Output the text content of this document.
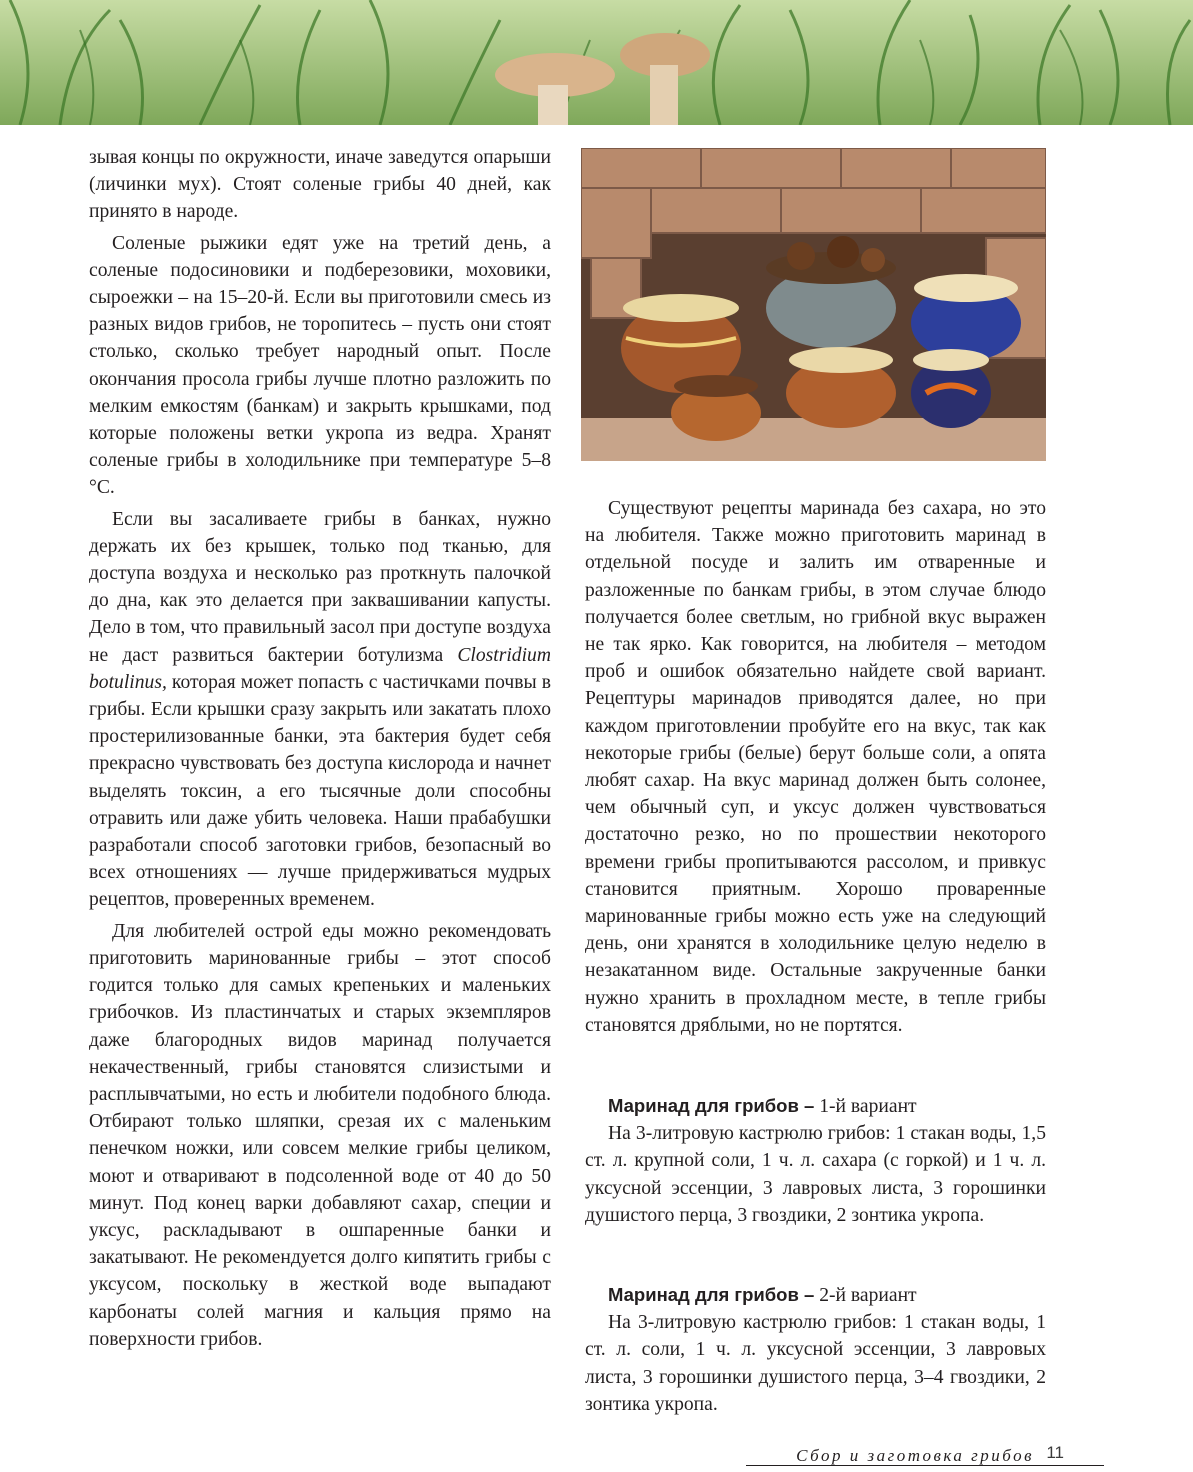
зывая концы по окружности, иначе заведутся опарыши (личинки мух). Стоят соленые грибы 40 дней, как принято в народе.

Соленые рыжики едят уже на третий день, а соленые подосиновики и подберезовики, моховики, сыроежки – на 15–20-й. Если вы приготовили смесь из разных видов грибов, не торопитесь – пусть они стоят столько, сколько требует народный опыт. После окончания просола грибы лучше плотно разложить по мелким емкостям (банкам) и закрыть крышками, под которые положены ветки укропа из ведра. Хранят соленые грибы в холодильнике при температуре 5–8 °С.

Если вы засаливаете грибы в банках, нужно держать их без крышек, только под тканью, для доступа воздуха и несколько раз проткнуть палочкой до дна, как это делается при заквашивании капусты. Дело в том, что правильный засол при доступе воздуха не даст развиться бактерии ботулизма Clostridium botulinus, которая может попасть с частичками почвы в грибы. Если крышки сразу закрыть или закатать плохо простерилизованные банки, эта бактерия будет себя прекрасно чувствовать без доступа кислорода и начнет выделять токсин, а его тысячные доли способны отравить или даже убить человека. Наши прабабушки разработали способ заготовки грибов, безопасный во всех отношениях — лучше придерживаться мудрых рецептов, проверенных временем.

Для любителей острой еды можно рекомендовать приготовить маринованные грибы – этот способ годится только для самых крепеньких и маленьких грибочков. Из пластинчатых и старых экземпляров даже благородных видов маринад получается некачественный, грибы становятся слизистыми и расплывчатыми, но есть и любители подобного блюда. Отбирают только шляпки, срезая их с маленьким пенечком ножки, или совсем мелкие грибы целиком, моют и отваривают в подсоленной воде от 40 до 50 минут. Под конец варки добавляют сахар, специи и уксус, раскладывают в ошпаренные банки и закатывают. Не рекомендуется долго кипятить грибы с уксусом, поскольку в жесткой воде выпадают карбонаты солей магния и кальция прямо на поверхности грибов.

Существуют рецепты маринада без сахара, но это на любителя. Также можно приготовить маринад в отдельной посуде и залить им отваренные и разложенные по банкам грибы, в этом случае блюдо получается более светлым, но грибной вкус выражен не так ярко. Как говорится, на любителя – методом проб и ошибок обязательно найдете свой вариант. Рецептуры маринадов приводятся далее, но при каждом приготовлении пробуйте его на вкус, так как некоторые грибы (белые) берут больше соли, а опята любят сахар. На вкус маринад должен быть солонее, чем обычный суп, и уксус должен чувствоваться достаточно резко, но по прошествии некоторого времени грибы пропитываются рассолом, и привкус становится приятным. Хорошо проваренные маринованные грибы можно есть уже на следующий день, они хранятся в холодильнике целую неделю в незакатанном виде. Остальные закрученные банки нужно хранить в прохладном месте, в тепле грибы становятся дряблыми, но не портятся.

Маринад для грибов – 1-й вариант

На 3-литровую кастрюлю грибов: 1 стакан воды, 1,5 ст. л. крупной соли, 1 ч. л. сахара (с горкой) и 1 ч. л. уксусной эссенции, 3 лавровых листа, 3 горошинки душистого перца, 3 гвоздики, 2 зонтика укропа.

Маринад для грибов – 2-й вариант

На 3-литровую кастрюлю грибов: 1 стакан воды, 1 ст. л. соли, 1 ч. л. уксусной эссенции, 3 лавровых листа, 3 горошинки душистого перца, 3–4 гвоздики, 2 зонтика укропа.

Сбор и заготовка грибов 11
